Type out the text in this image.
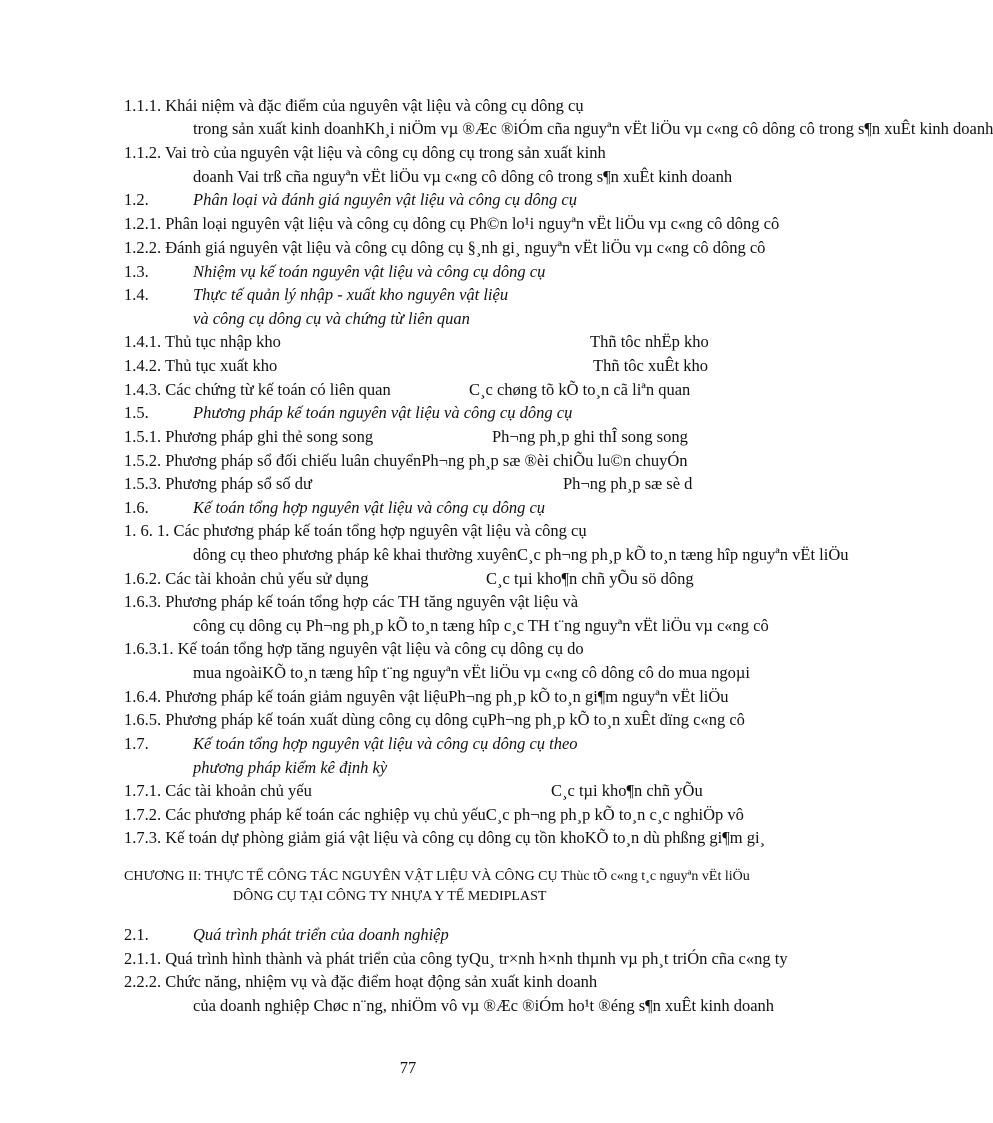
1.1.1. Khái niệm và đặc điểm của nguyên vật liệu và công cụ dông cụ
trong sản xuất kinh doanhKh¸i niÖm vµ ®Æc ®iÓm cña nguyªn vËt liÖu vµ c«ng cô dông cô trong s¶n xuÊt kinh doanh
1.1.2. Vai trò của nguyên vật liệu và công cụ dông cụ trong sản xuất kinh
doanh Vai trß cña nguyªn vËt liÖu vµ c«ng cô dông cô trong s¶n xuÊt kinh doanh
1.2.	Phân loại và đánh giá nguyên vật liệu và công cụ dông cụ
1.2.1. Phân loại nguyên vật liệu và công cụ dông cụ Ph©n lo¹i nguyªn vËt liÖu vµ c«ng cô dông cô
1.2.2. Đánh giá nguyên vật liệu và công cụ dông cụ §¸nh gi¸ nguyªn vËt liÖu vµ c«ng cô dông cô
1.3.	Nhiệm vụ kế toán nguyên vật liệu và công cụ dông cụ
1.4.	Thực tế quản lý nhập - xuất kho nguyên vật liệu
và công cụ dông cụ và chứng từ liên quan
1.4.1. Thủ tục nhập kho	Thñ tôc nhËp kho
1.4.2. Thủ tục xuất kho	Thñ tôc xuÊt kho
1.4.3. Các chứng từ kế toán có liên quan	C¸c chøng tõ kÕ to¸n cã liªn quan
1.5.	Phương pháp kế toán nguyên vật liệu và công cụ dông cụ
1.5.1. Phương pháp ghi thẻ song song	Ph¬ng ph¸p ghi thÎ song song
1.5.2. Phương pháp sổ đối chiếu luân chuyểnPh¬ng ph¸p sæ ®èi chiÕu lu©n chuyÓn
1.5.3. Phương pháp sổ số dư	Ph¬ng ph¸p sæ sè d
1.6.	Kế toán tổng hợp nguyên vật liệu và công cụ dông cụ
1. 6. 1. Các phương pháp kế toán tổng hợp nguyên vật liệu và công cụ
dông cụ theo phương pháp kê khai thường xuyênC¸c ph¬ng ph¸p kÕ to¸n tæng hîp nguyªn vËt liÖu
1.6.2. Các tài khoản chủ yếu sử dụng	C¸c tµi kho¶n chñ yÕu sö dông
1.6.3. Phương pháp kế toán tổng hợp các TH tăng nguyên vật liệu và
công cụ dông cụ Ph¬ng ph¸p kÕ to¸n tæng hîp c¸c TH t¨ng nguyªn vËt liÖu vµ c«ng cô
1.6.3.1. Kế toán tổng hợp tăng nguyên vật liệu và công cụ dông cụ do
mua ngoàiKÕ to¸n tæng hîp t¨ng nguyªn vËt liÖu vµ c«ng cô dông cô do mua ngoµi
1.6.4. Phương pháp kế toán giảm nguyên vật liệuPh¬ng ph¸p kÕ to¸n gi¶m nguyªn vËt liÖu
1.6.5. Phương pháp kế toán xuất dùng công cụ dông cụPh¬ng ph¸p kÕ to¸n xuÊt dïng c«ng cô
1.7.	Kế toán tổng hợp nguyên vật liệu và công cụ dông cụ theo
phương pháp kiểm kê định kỳ
1.7.1. Các tài khoản chủ yếu	C¸c tµi kho¶n chñ yÕu
1.7.2. Các phương pháp kế toán các nghiệp vụ chủ yếuC¸c ph¬ng ph¸p kÕ to¸n c¸c nghiÖp vô
1.7.3. Kế toán dự phòng giảm giá vật liệu và công cụ dông cụ tồn khoKÕ to¸n dù phßng gi¶m gi¸
CHƯƠNG II: THỰC TẾ CÔNG TÁC NGUYÊN VẬT LIỆU VÀ CÔNG CỤ Thùc tÕ c«ng t¸c nguyªn vËt liÖu
DÔNG CỤ TẠI CÔNG TY NHỰA Y TẾ MEDIPLAST
2.1.	Quá trình phát triển của doanh nghiệp
2.1.1. Quá trình hình thành và phát triển của công tyQu¸ tr×nh h×nh thµnh vµ ph¸t triÓn cña c«ng ty
2.2.2. Chức năng, nhiệm vụ và đặc điểm hoạt động sản xuất kinh doanh
của doanh nghiệp Chøc n¨ng, nhiÖm vô vµ ®Æc ®iÓm ho¹t ®éng s¶n xuÊt kinh doanh
77
